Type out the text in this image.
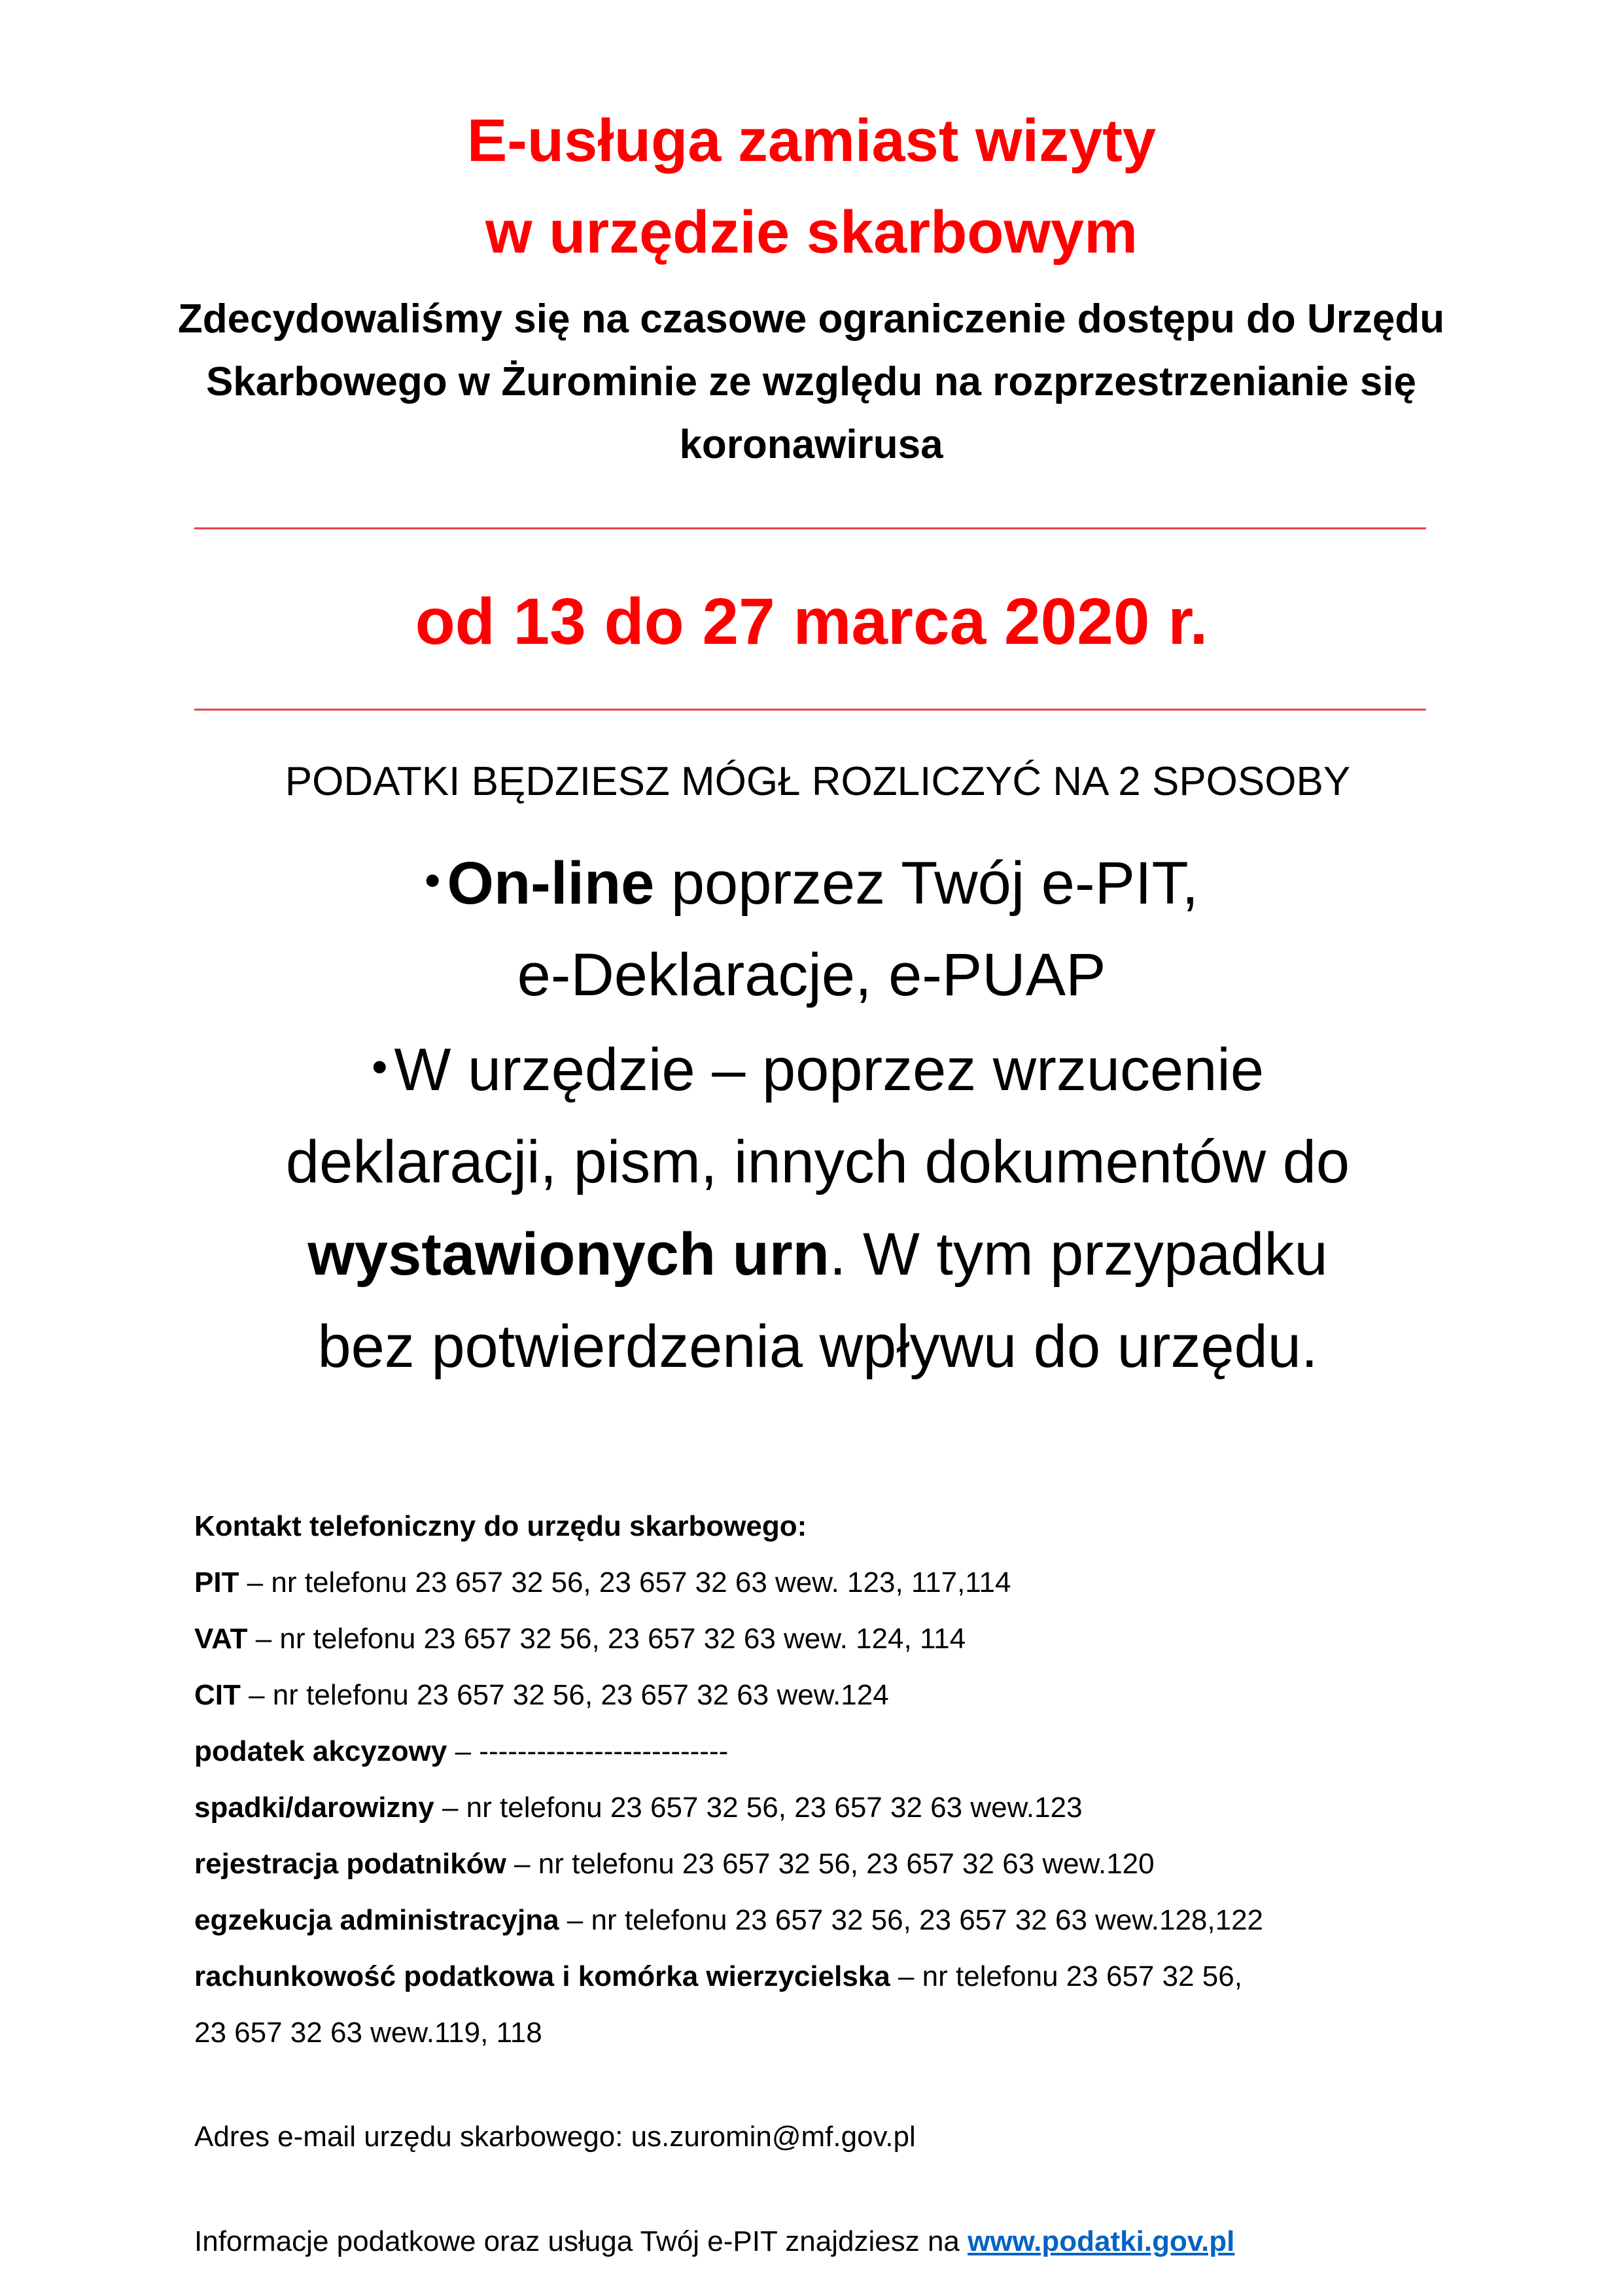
E-usługa zamiast wizyty
w urzędzie skarbowym
Zdecydowaliśmy się na czasowe ograniczenie dostępu do Urzędu Skarbowego w Żurominie ze względu na rozprzestrzenianie się koronawirusa
od 13 do 27 marca 2020 r.
PODATKI BĘDZIESZ MÓGŁ ROZLICZYĆ NA 2 SPOSOBY
• On-line poprzez Twój e-PIT,
e-Deklaracje, e-PUAP
• W urzędzie – poprzez wrzucenie deklaracji, pism, innych dokumentów do wystawionych urn. W tym przypadku bez potwierdzenia wpływu do urzędu.

Kontakt telefoniczny do urzędu skarbowego:

PIT – nr telefonu 23 657 32 56, 23 657 32 63 wew. 123, 117,114

VAT – nr telefonu 23 657 32 56, 23 657 32 63 wew. 124, 114

CIT – nr telefonu 23 657 32 56, 23 657 32 63 wew.124

podatek akcyzowy – --------------------------

spadki/darowizny – nr telefonu 23 657 32 56, 23 657 32 63 wew.123

rejestracja podatników – nr telefonu 23 657 32 56, 23 657 32 63 wew.120

egzekucja administracyjna – nr telefonu 23 657 32 56, 23 657 32 63 wew.128,122

rachunkowość podatkowa i komórka wierzycielska – nr telefonu 23 657 32 56,

23 657 32 63 wew.119, 118

Adres e-mail urzędu skarbowego: us.zuromin@mf.gov.pl
Informacje podatkowe oraz usługa Twój e-PIT znajdziesz na www.podatki.gov.pl
